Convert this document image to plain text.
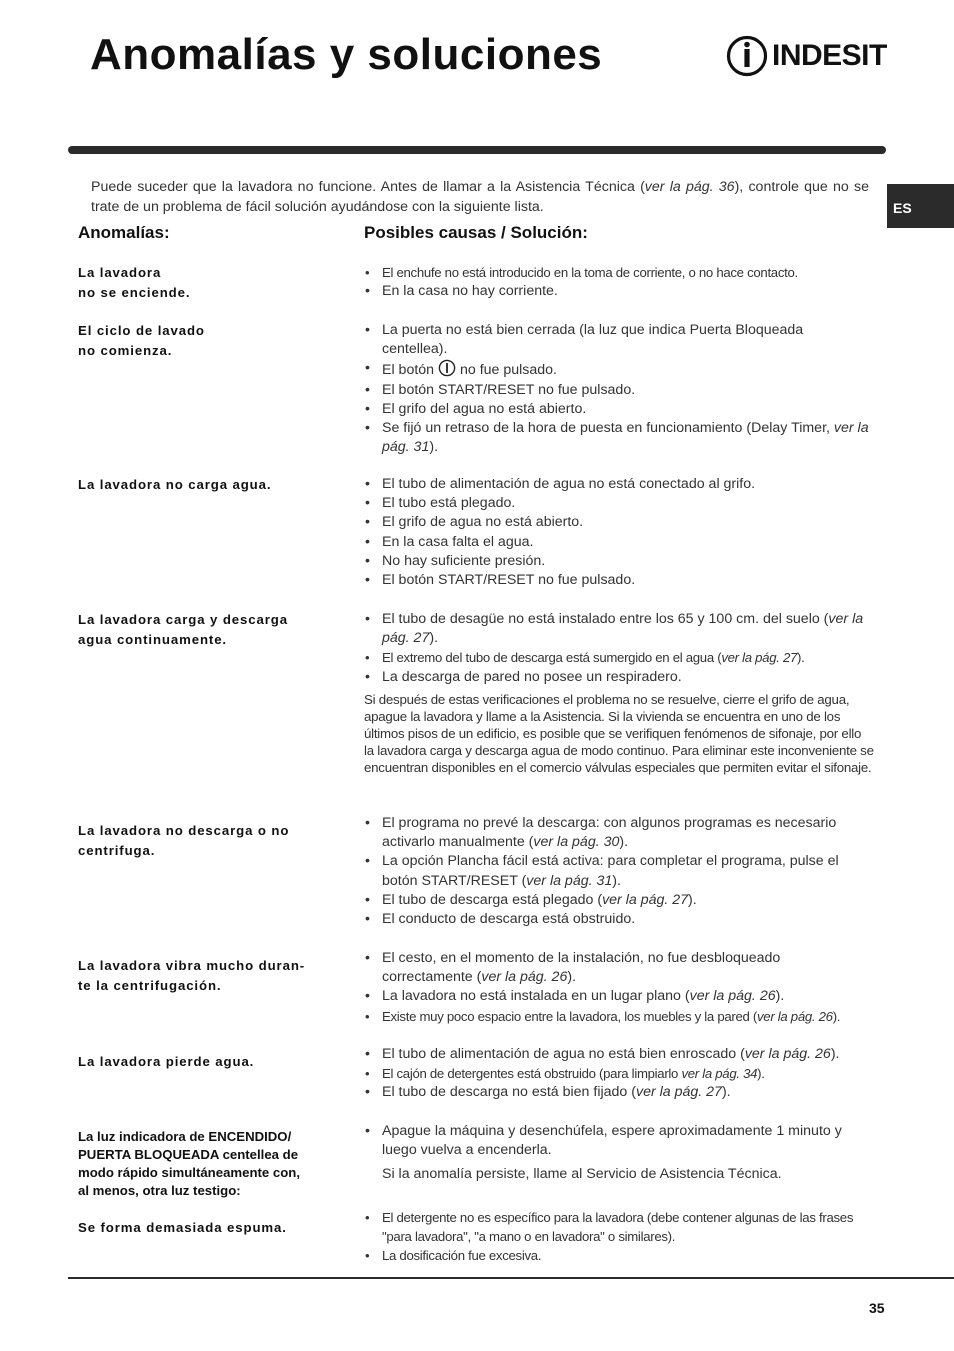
Anomalías y soluciones	INDESIT

Puede suceder que la lavadora no funcione. Antes de llamar a la Asistencia Técnica (ver la pág. 36), controle que no se trate de un problema de fácil solución ayudándose con la siguiente lista.	ES
Anomalías:	Posibles causas / Solución:
La lavadora
no se enciende.
• El enchufe no está introducido en la toma de corriente, o no hace contacto.
• En la casa no hay corriente.
El ciclo de lavado
no comienza.
• La puerta no está bien cerrada (la luz que indica Puerta Bloqueada centellea).
• El botón no fue pulsado.
• El botón START/RESET no fue pulsado.
• El grifo del agua no está abierto.
• Se fijó un retraso de la hora de puesta en funcionamiento (Delay Timer, ver la pág. 31).
La lavadora no carga agua.	• El tubo de alimentación de agua no está conectado al grifo.
• El tubo está plegado.
• El grifo de agua no está abierto.
• En la casa falta el agua.
• No hay suficiente presión.
• El botón START/RESET no fue pulsado.
La lavadora carga y descarga
agua continuamente.
• El tubo de desagüe no está instalado entre los 65 y 100 cm. del suelo (ver la pág. 27).
• El extremo del tubo de descarga está sumergido en el agua (ver la pág. 27).
• La descarga de pared no posee un respiradero.

Si después de estas verificaciones el problema no se resuelve, cierre el grifo de agua, apague la lavadora y llame a la Asistencia. Si la vivienda se encuentra en uno de los últimos pisos de un edificio, es posible que se verifiquen fenómenos de sifonaje, por ello la lavadora carga y descarga agua de modo continuo. Para eliminar este inconveniente se encuentran disponibles en el comercio válvulas especiales que permiten evitar el sifonaje.

La lavadora no descarga o no
centrifuga.
• El programa no prevé la descarga: con algunos programas es necesario activarlo manualmente (ver la pág. 30).
• La opción Plancha fácil está activa: para completar el programa, pulse el botón START/RESET (ver la pág. 31).
• El tubo de descarga está plegado (ver la pág. 27).
• El conducto de descarga está obstruido.
La lavadora vibra mucho duran-
te la centrifugación.
• El cesto, en el momento de la instalación, no fue desbloqueado correctamente (ver la pág. 26).
• La lavadora no está instalada en un lugar plano (ver la pág. 26).
• Existe muy poco espacio entre la lavadora, los muebles y la pared (ver la pág. 26).
La lavadora pierde agua.	• El tubo de alimentación de agua no está bien enroscado (ver la pág. 26).
• El cajón de detergentes está obstruido (para limpiarlo ver la pág. 34).
• El tubo de descarga no está bien fijado (ver la pág. 27).
La luz indicadora de ENCENDIDO/
PUERTA BLOQUEADA centellea de
modo rápido simultáneamente con,
al menos, otra luz testigo:
• Apague la máquina y desenchúfela, espere aproximadamente 1 minuto y luego vuelva a encenderla.

Si la anomalía persiste, llame al Servicio de Asistencia Técnica.

Se forma demasiada espuma.
• El detergente no es específico para la lavadora (debe contener algunas de las frases "para lavadora", "a mano o en lavadora" o similares).
• La dosificación fue excesiva.
35
